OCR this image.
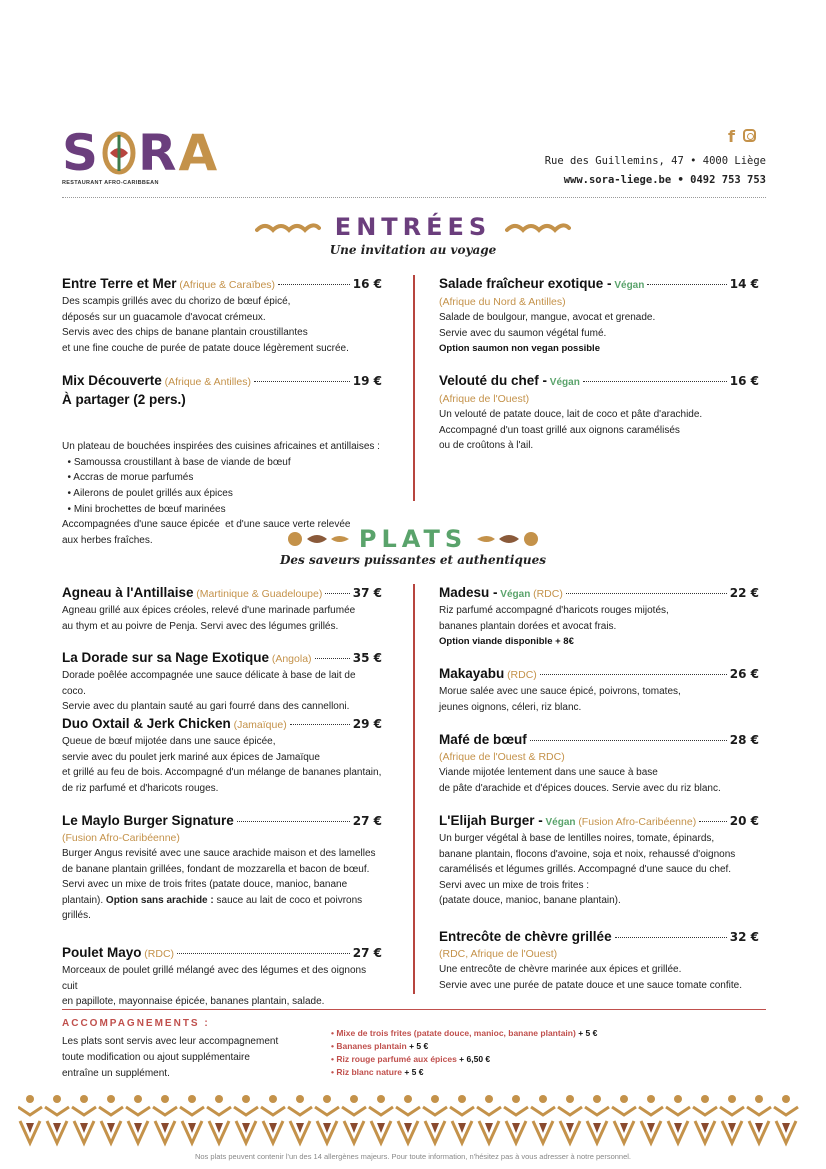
S RA
RESTAURANT AFRO-CARIBBEAN
f
Rue des Guillemins, 47 • 4000 Liège
www.sora-liege.be • 0492 753 753
ENTRÉES
Une invitation au voyage
Entre Terre et Mer
(Afrique & Caraïbes)	16 €
Des scampis grillés avec du chorizo de bœuf épicé,
déposés sur un guacamole d'avocat crémeux.
Servis avec des chips de banane plantain croustillantes
et une fine couche de purée de patate douce légèrement sucrée.
Mix Découverte
(Afrique & Antilles)	19 €
À partager (2 pers.)

Un plateau de bouchées inspirées des cuisines africaines et antillaises :
• Samoussa croustillant à base de viande de bœuf
• Accras de morue parfumés
• Ailerons de poulet grillés aux épices
• Mini brochettes de bœuf marinées
Accompagnées d'une sauce épicée  et d'une sauce verte relevée
aux herbes fraîches.

Salade fraîcheur exotique -
Végan	14 €
(Afrique du Nord & Antilles)
Salade de boulgour, mangue, avocat et grenade.
Servie avec du saumon végétal fumé.
Option saumon non vegan possible
Velouté du chef -
Végan	16 €
(Afrique de l'Ouest)
Un velouté de patate douce, lait de coco et pâte d'arachide.
Accompagné d'un toast grillé aux oignons caramélisés
ou de croûtons à l'ail.
PLATS
Des saveurs puissantes et authentiques
Agneau à l'Antillaise
(Martinique & Guadeloupe)	37 €
Agneau grillé aux épices créoles, relevé d'une marinade parfumée
au thym et au poivre de Penja. Servi avec des légumes grillés.
La Dorade sur sa Nage Exotique
(Angola)	35 €
Dorade poêlée accompagnée une sauce délicate à base de lait de coco.
Servie avec du plantain sauté au gari fourré dans des cannelloni.
Duo Oxtail & Jerk Chicken
(Jamaïque)	29 €
Queue de bœuf mijotée dans une sauce épicée,
servie avec du poulet jerk mariné aux épices de Jamaïque
et grillé au feu de bois. Accompagné d'un mélange de bananes plantain,
de riz parfumé et d'haricots rouges.
Le Maylo Burger Signature	27 €
(Fusion Afro-Caribéenne)
Burger Angus revisité avec une sauce arachide maison et des lamelles
de banane plantain grillées, fondant de mozzarella et bacon de bœuf.
Servi avec un mixe de trois frites (patate douce, manioc, banane
plantain). Option sans arachide : sauce au lait de coco et poivrons
grillés.
Poulet Mayo
(RDC)	27 €
Morceaux de poulet grillé mélangé avec des légumes et des oignons cuit
en papillote, mayonnaise épicée, bananes plantain, salade.
Madesu -
Végan
(RDC)	22 €
Riz parfumé accompagné d'haricots rouges mijotés,
bananes plantain dorées et avocat frais.
Option viande disponible + 8€
Makayabu
(RDC)	26 €
Morue salée avec une sauce épicé, poivrons, tomates,
jeunes oignons, céleri, riz blanc.
Mafé de bœuf	28 €
(Afrique de l'Ouest & RDC)
Viande mijotée lentement dans une sauce à base
de pâte d'arachide et d'épices douces. Servie avec du riz blanc.
L'Elijah Burger -
Végan
(Fusion Afro-Caribéenne)	20 €
Un burger végétal à base de lentilles noires, tomate, épinards,
banane plantain, flocons d'avoine, soja et noix, rehaussé d'oignons
caramélisés et légumes grillés. Accompagné d'une sauce du chef.
Servi avec un mixe de trois frites :
(patate douce, manioc, banane plantain).
Entrecôte de chèvre grillée	32 €
(RDC, Afrique de l'Ouest)
Une entrecôte de chèvre marinée aux épices et grillée.
Servie avec une purée de patate douce et une sauce tomate confite.
ACCOMPAGNEMENTS :
Les plats sont servis avec leur accompagnement
toute modification ou ajout supplémentaire
entraîne un supplément.
• Mixe de trois frites (patate douce, manioc, banane plantain) + 5 €
• Bananes plantain + 5 €
• Riz rouge parfumé aux épices + 6,50 €
• Riz blanc nature + 5 €
Nos plats peuvent contenir l'un des 14 allergènes majeurs. Pour toute information, n'hésitez pas à vous adresser à notre personnel.
